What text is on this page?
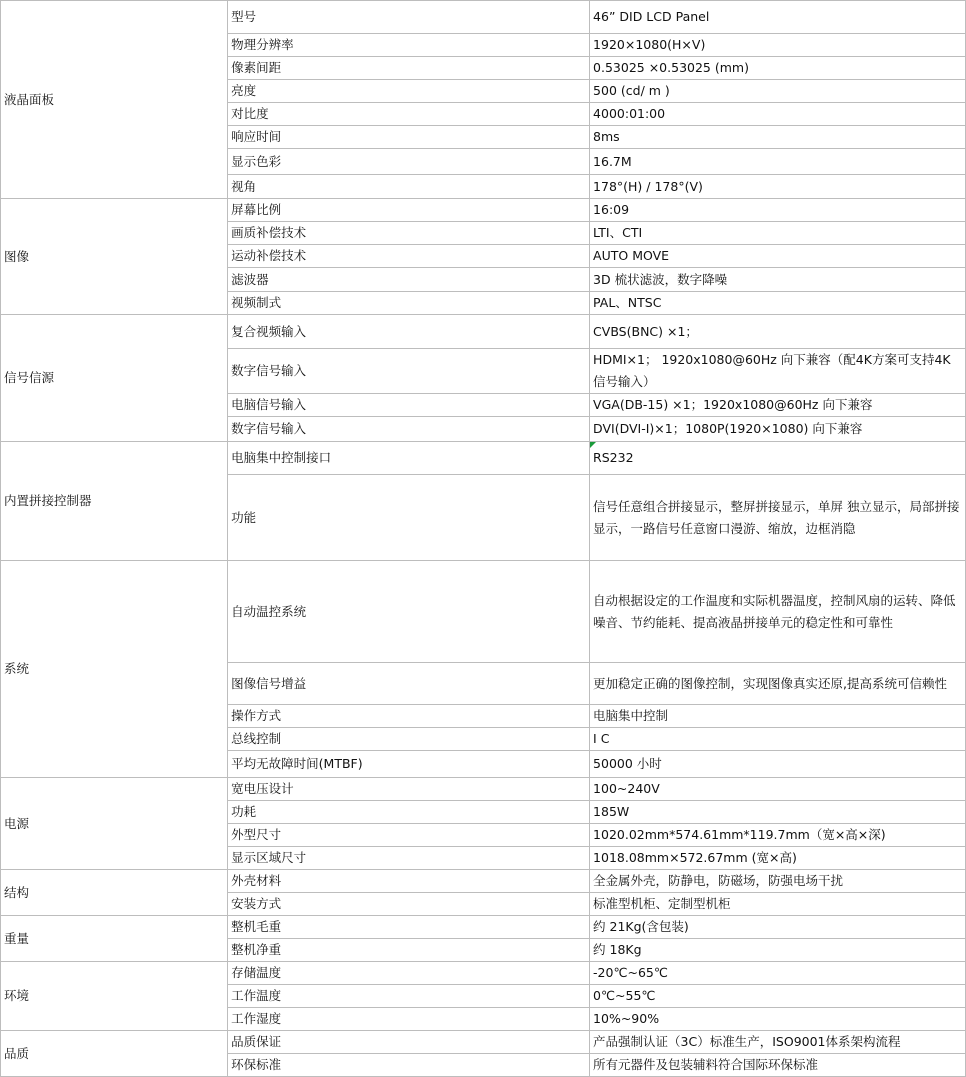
液晶面板	型号	46” DID LCD Panel
	物理分辨率	1920×1080(H×V)
	像素间距	0.53025 ×0.53025 (mm)
	亮度	500 (cd/ m )
	对比度	4000:01:00
	响应时间	8ms
	显示色彩	16.7M
	视角	178°(H) / 178°(V)
图像	屏幕比例	16:09
	画质补偿技术	LTI、CTI
	运动补偿技术	AUTO MOVE
	滤波器	3D 梳状滤波，数字降噪
	视频制式	PAL、NTSC
信号信源	复合视频输入	CVBS(BNC) ×1；
	数字信号输入	HDMI×1； 1920x1080@60Hz 向下兼容（配4K方案可支持4K信号输入）
	电脑信号输入	VGA(DB-15) ×1；1920x1080@60Hz 向下兼容
	数字信号输入	DVI(DVI-I)×1；1080P(1920×1080) 向下兼容
内置拼接控制器	电脑集中控制接口	RS232
	功能	信号任意组合拼接显示，整屏拼接显示，单屏 独立显示，局部拼接显示，一路信号任意窗口漫游、缩放，边框消隐
系统	自动温控系统	自动根据设定的工作温度和实际机器温度，控制风扇的运转、降低噪音、节约能耗、提高液晶拼接单元的稳定性和可靠性
	图像信号增益	更加稳定正确的图像控制，实现图像真实还原,提高系统可信赖性
	操作方式	电脑集中控制
	总线控制	I C
	平均无故障时间(MTBF)	50000 小时
电源	宽电压设计	100~240V
	功耗	185W
	外型尺寸	1020.02mm*574.61mm*119.7mm（宽×高×深)
	显示区域尺寸	1018.08mm×572.67mm (宽×高)
结构	外壳材料	全金属外壳，防静电，防磁场，防强电场干扰
	安装方式	标准型机柜、定制型机柜
重量	整机毛重	约 21Kg(含包装)
	整机净重	约 18Kg
环境	存储温度	-20℃~65℃
	工作温度	0℃~55℃
	工作湿度	10%~90%
品质	品质保证	产品强制认证（3C）标准生产，ISO9001体系架构流程
	环保标准	所有元器件及包装辅料符合国际环保标准
